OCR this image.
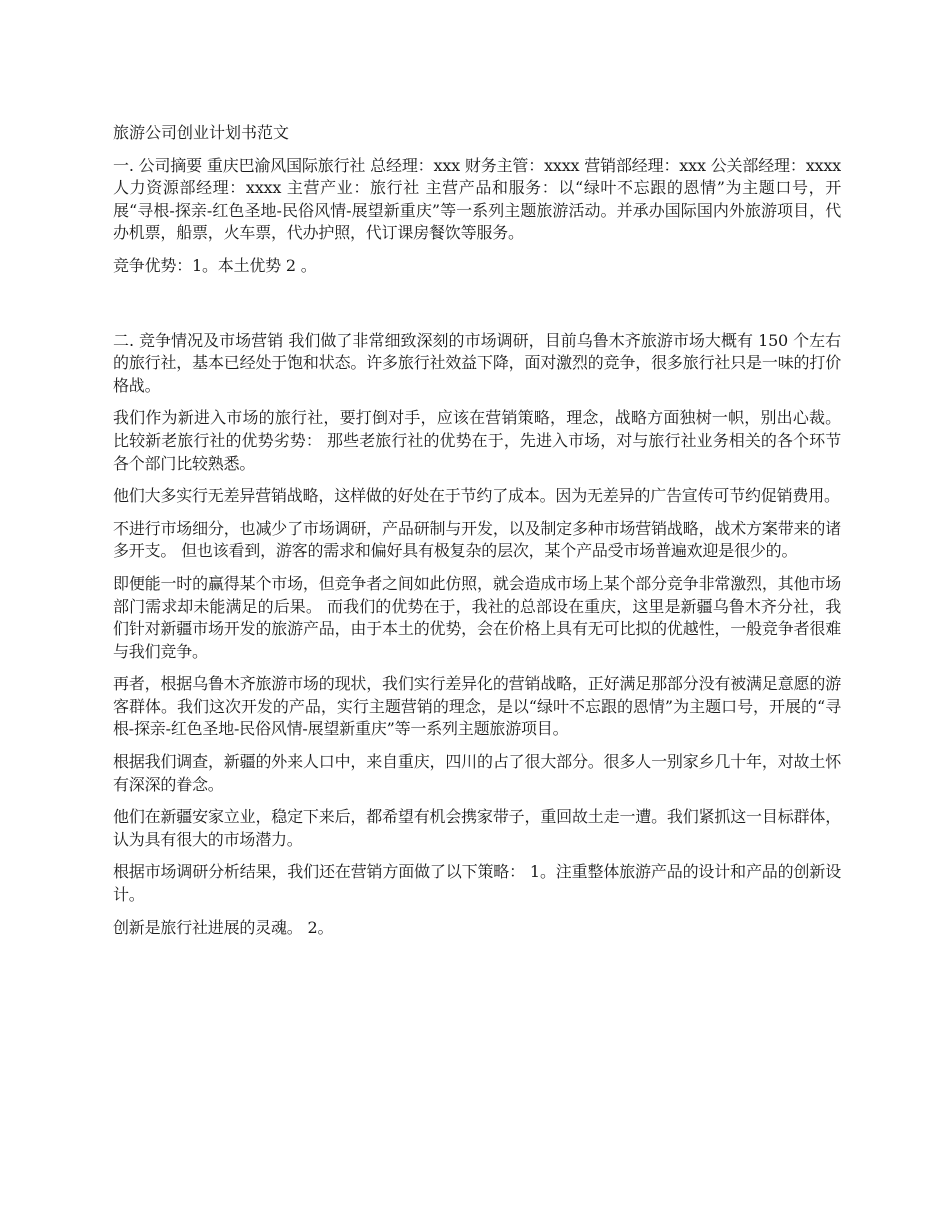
旅游公司创业计划书范文

一. 公司摘要 重庆巴渝风国际旅行社 总经理：xxx 财务主管：xxxx 营销部经理：xxx 公关部经理：xxxx 人力资源部经理：xxxx 主营产业：旅行社 主营产品和服务：以“绿叶不忘跟的恩情”为主题口号，开展“寻根-探亲-红色圣地-民俗风情-展望新重庆”等一系列主题旅游活动。并承办国际国内外旅游项目，代办机票，船票，火车票，代办护照，代订课房餐饮等服务。

竞争优势：1。本土优势 2 。

二. 竞争情况及市场营销 我们做了非常细致深刻的市场调研，目前乌鲁木齐旅游市场大概有 150 个左右的旅行社，基本已经处于饱和状态。许多旅行社效益下降，面对激烈的竞争，很多旅行社只是一味的打价格战。

我们作为新进入市场的旅行社，要打倒对手，应该在营销策略，理念，战略方面独树一帜，别出心裁。 比较新老旅行社的优势劣势： 那些老旅行社的优势在于，先进入市场，对与旅行社业务相关的各个环节各个部门比较熟悉。

他们大多实行无差异营销战略，这样做的好处在于节约了成本。因为无差异的广告宣传可节约促销费用。

不进行市场细分，也减少了市场调研，产品研制与开发，以及制定多种市场营销战略，战术方案带来的诸多开支。 但也该看到，游客的需求和偏好具有极复杂的层次，某个产品受市场普遍欢迎是很少的。

即便能一时的赢得某个市场，但竞争者之间如此仿照，就会造成市场上某个部分竞争非常激烈，其他市场部门需求却未能满足的后果。 而我们的优势在于，我社的总部设在重庆，这里是新疆乌鲁木齐分社，我们针对新疆市场开发的旅游产品，由于本土的优势，会在价格上具有无可比拟的优越性，一般竞争者很难与我们竞争。

再者，根据乌鲁木齐旅游市场的现状，我们实行差异化的营销战略，正好满足那部分没有被满足意愿的游客群体。我们这次开发的产品，实行主题营销的理念，是以“绿叶不忘跟的恩情”为主题口号，开展的“寻根-探亲-红色圣地-民俗风情-展望新重庆”等一系列主题旅游项目。

根据我们调查，新疆的外来人口中，来自重庆，四川的占了很大部分。很多人一别家乡几十年，对故土怀有深深的眷念。

他们在新疆安家立业，稳定下来后，都希望有机会携家带子，重回故土走一遭。我们紧抓这一目标群体，认为具有很大的市场潜力。

根据市场调研分析结果，我们还在营销方面做了以下策略： 1。注重整体旅游产品的设计和产品的创新设计。

创新是旅行社进展的灵魂。 2。
